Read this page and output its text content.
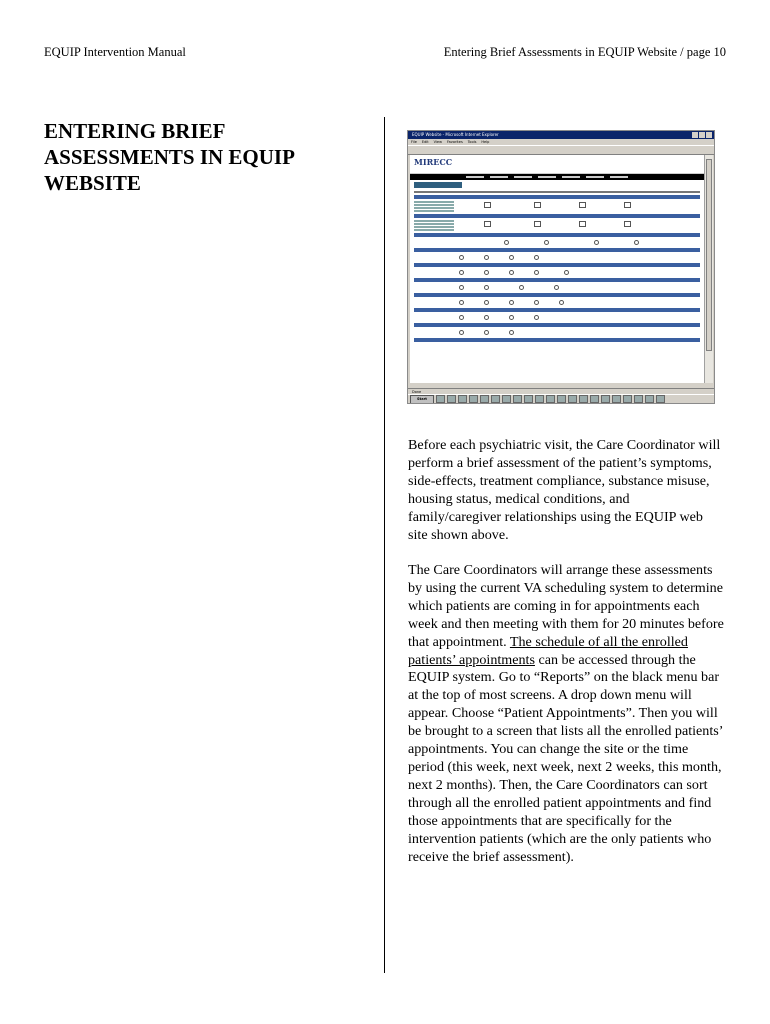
EQUIP Intervention Manual	Entering Brief Assessments in EQUIP Website / page 10
ENTERING BRIEF ASSESSMENTS IN EQUIP WEBSITE
EQUIP Website - Microsoft Internet Explorer
File Edit View Favorites Tools Help
MIRECC
Done
Start

Before each psychiatric visit, the Care Coordinator will perform a brief assessment of the patient’s symptoms, side-effects, treatment compliance, substance misuse, housing status, medical conditions, and family/caregiver relationships using the EQUIP web site shown above.

The Care Coordinators will arrange these assessments by using the current VA scheduling system to determine which patients are coming in for appointments each week and then meeting with them for 20 minutes before that appointment. The schedule of all the enrolled patients’ appointments can be accessed through the EQUIP system. Go to “Reports” on the black menu bar at the top of most screens. A drop down menu will appear. Choose “Patient Appointments”. Then you will be brought to a screen that lists all the enrolled patients’ appointments. You can change the site or the time period (this week, next week, next 2 weeks, this month, next 2 months). Then, the Care Coordinators can sort through all the enrolled patient appointments and find those appointments that are specifically for the intervention patients (which are the only patients who receive the brief assessment).
